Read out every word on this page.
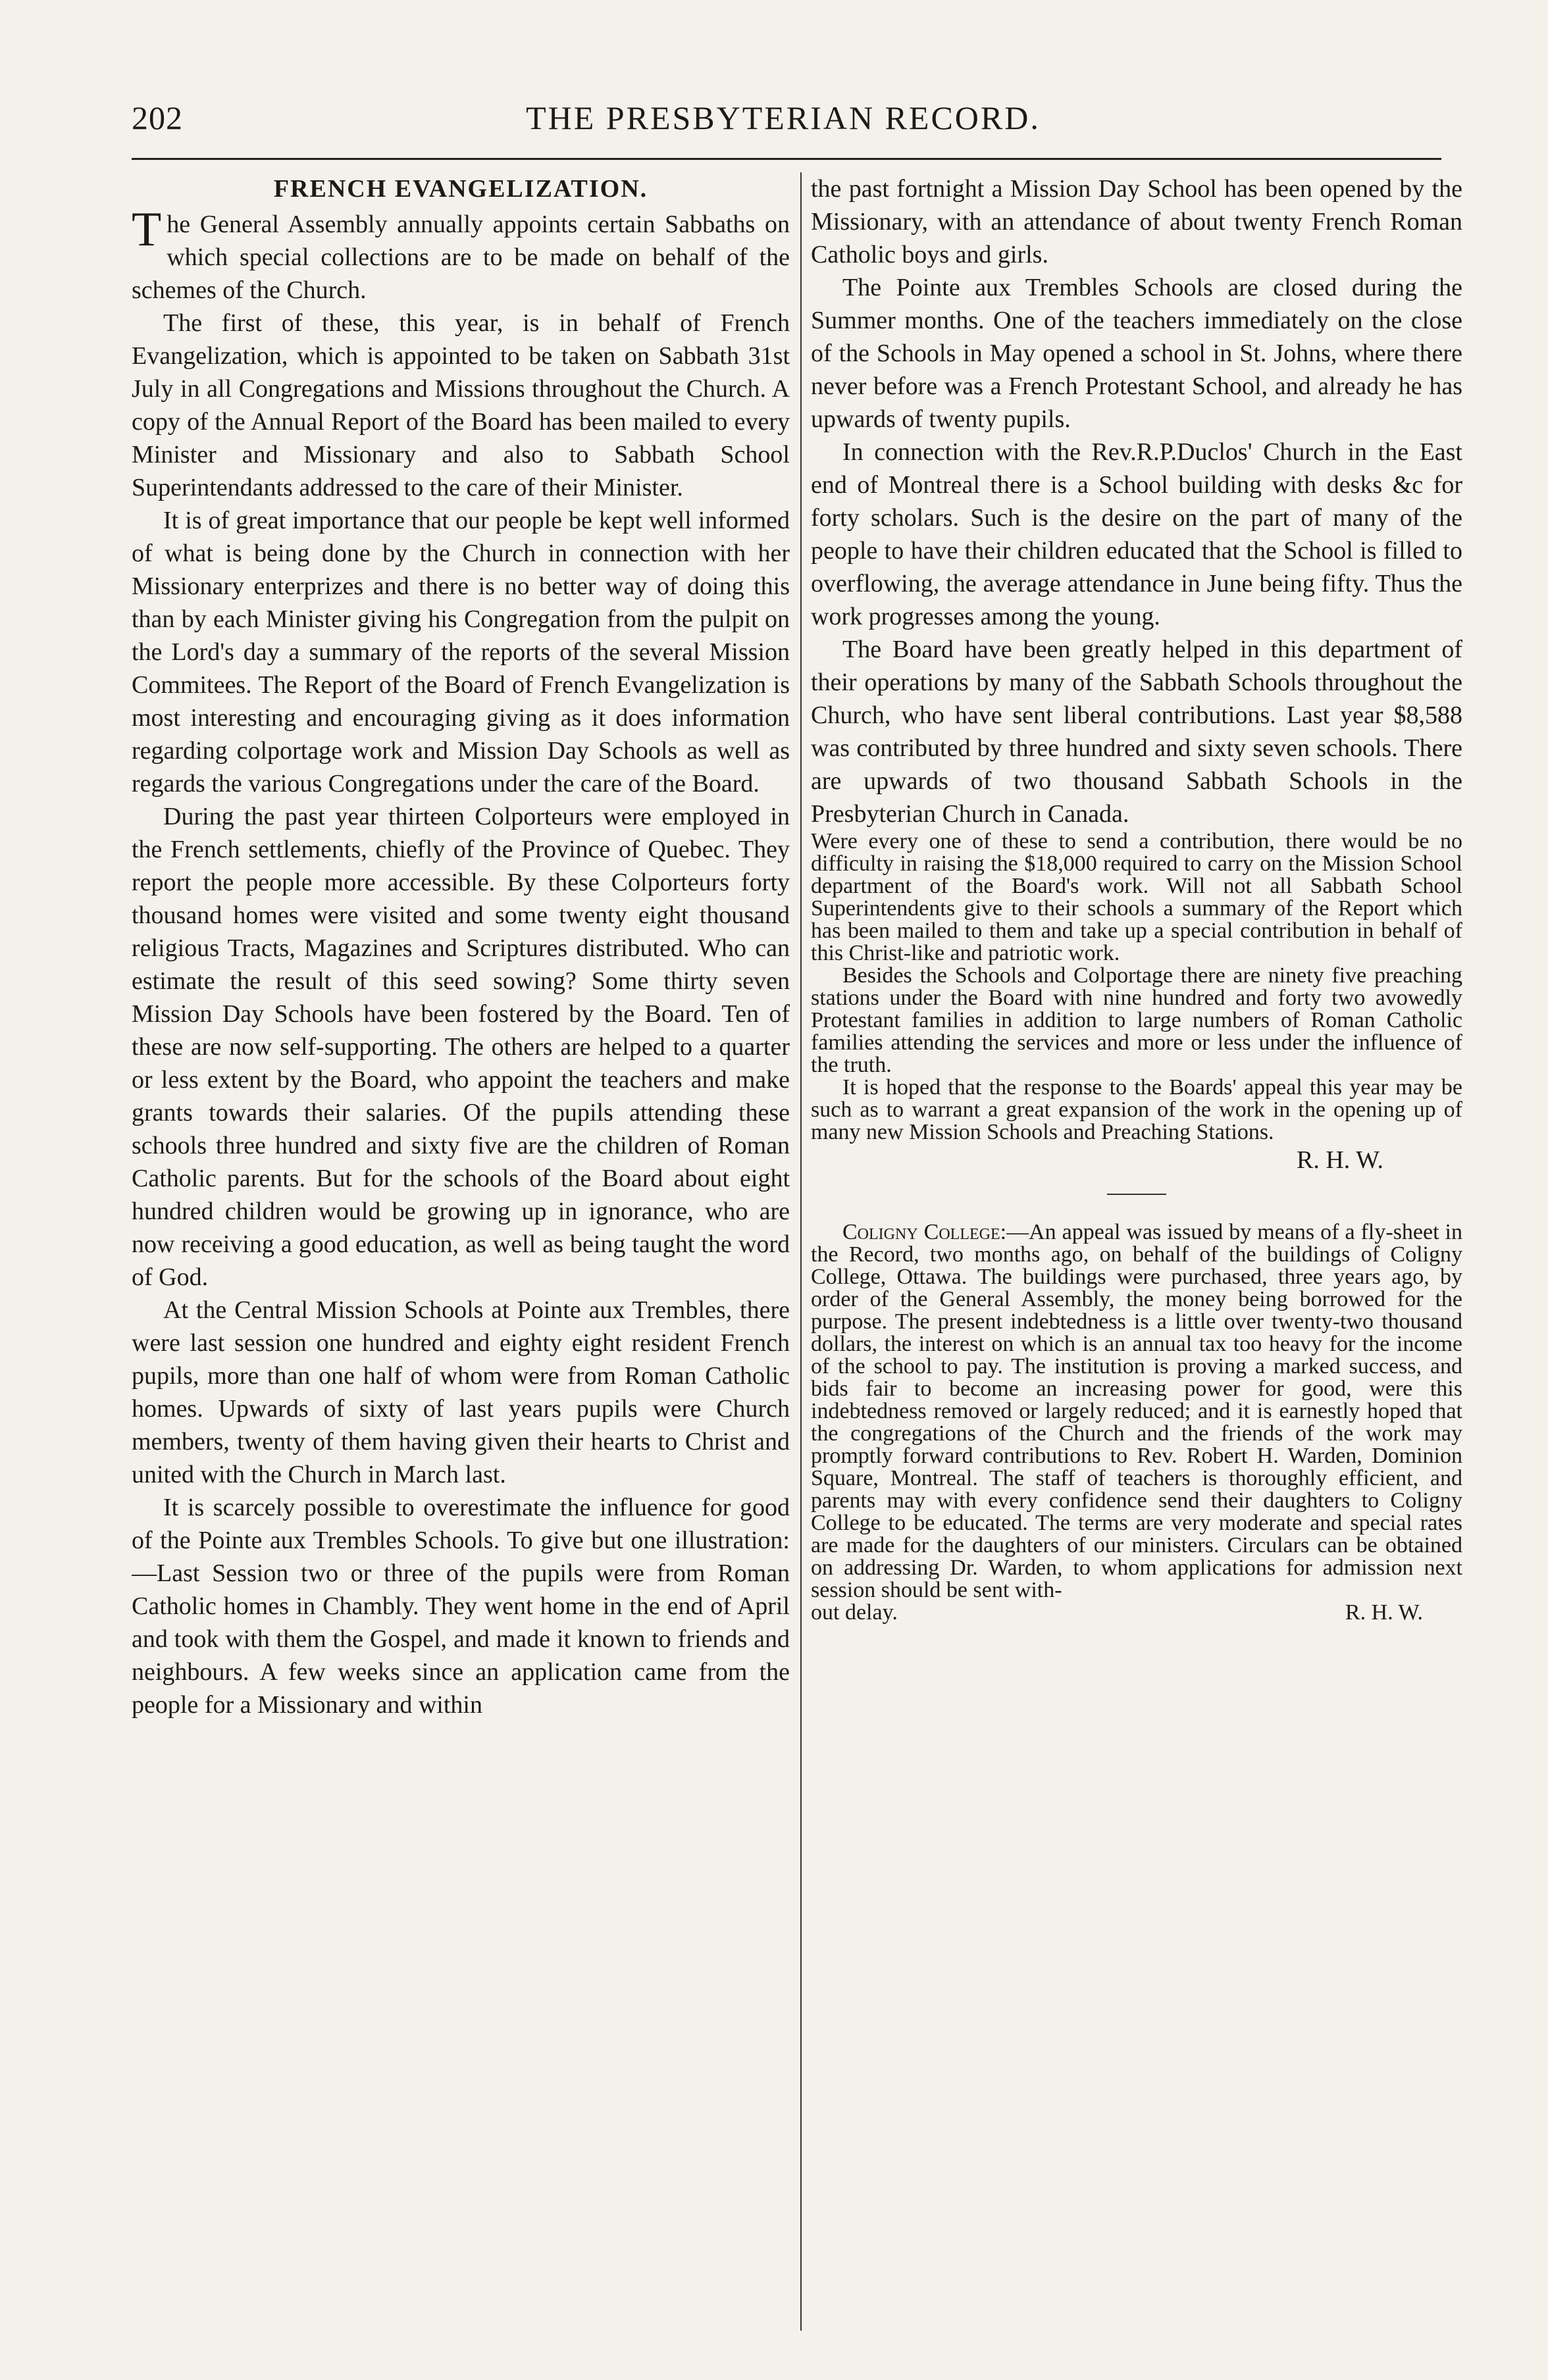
202	THE PRESBYTERIAN RECORD.
FRENCH EVANGELIZATION.

The General Assembly annually appoints certain Sabbaths on which special collections are to be made on behalf of the schemes of the Church.

The first of these, this year, is in behalf of French Evangelization, which is appointed to be taken on Sabbath 31st July in all Congregations and Missions throughout the Church. A copy of the Annual Report of the Board has been mailed to every Minister and Missionary and also to Sabbath School Superintendants addressed to the care of their Minister.

It is of great importance that our people be kept well informed of what is being done by the Church in connection with her Missionary enterprizes and there is no better way of doing this than by each Minister giving his Congregation from the pulpit on the Lord's day a summary of the reports of the several Mission Commitees. The Report of the Board of French Evangelization is most interesting and encouraging giving as it does information regarding colportage work and Mission Day Schools as well as regards the various Congregations under the care of the Board.

During the past year thirteen Colporteurs were employed in the French settlements, chiefly of the Province of Quebec. They report the people more accessible. By these Colporteurs forty thousand homes were visited and some twenty eight thousand religious Tracts, Magazines and Scriptures distributed. Who can estimate the result of this seed sowing? Some thirty seven Mission Day Schools have been fostered by the Board. Ten of these are now self-supporting. The others are helped to a quarter or less extent by the Board, who appoint the teachers and make grants towards their salaries. Of the pupils attending these schools three hundred and sixty five are the children of Roman Catholic parents. But for the schools of the Board about eight hundred children would be growing up in ignorance, who are now receiving a good education, as well as being taught the word of God.

At the Central Mission Schools at Pointe aux Trembles, there were last session one hundred and eighty eight resident French pupils, more than one half of whom were from Roman Catholic homes. Upwards of sixty of last years pupils were Church members, twenty of them having given their hearts to Christ and united with the Church in March last.

It is scarcely possible to overestimate the influence for good of the Pointe aux Trembles Schools. To give but one illustration:—Last Session two or three of the pupils were from Roman Catholic homes in Chambly. They went home in the end of April and took with them the Gospel, and made it known to friends and neighbours. A few weeks since an application came from the people for a Missionary and within

the past fortnight a Mission Day School has been opened by the Missionary, with an attendance of about twenty French Roman Catholic boys and girls.

The Pointe aux Trembles Schools are closed during the Summer months. One of the teachers immediately on the close of the Schools in May opened a school in St. Johns, where there never before was a French Protestant School, and already he has upwards of twenty pupils.

In connection with the Rev.R.P.Duclos' Church in the East end of Montreal there is a School building with desks &c for forty scholars. Such is the desire on the part of many of the people to have their children educated that the School is filled to overflowing, the average attendance in June being fifty. Thus the work progresses among the young.

The Board have been greatly helped in this department of their operations by many of the Sabbath Schools throughout the Church, who have sent liberal contributions. Last year $8,588 was contributed by three hundred and sixty seven schools. There are upwards of two thousand Sabbath Schools in the Presbyterian Church in Canada.

Were every one of these to send a contribution, there would be no difficulty in raising the $18,000 required to carry on the Mission School department of the Board's work. Will not all Sabbath School Superintendents give to their schools a summary of the Report which has been mailed to them and take up a special contribution in behalf of this Christ-like and patriotic work.

Besides the Schools and Colportage there are ninety five preaching stations under the Board with nine hundred and forty two avowedly Protestant families in addition to large numbers of Roman Catholic families attending the services and more or less under the influence of the truth.

It is hoped that the response to the Boards' appeal this year may be such as to warrant a great expansion of the work in the opening up of many new Mission Schools and Preaching Stations.

R. H. W.

Coligny College:—An appeal was issued by means of a fly-sheet in the Record, two months ago, on behalf of the buildings of Coligny College, Ottawa. The buildings were purchased, three years ago, by order of the General Assembly, the money being borrowed for the purpose. The present indebtedness is a little over twenty-two thousand dollars, the interest on which is an annual tax too heavy for the income of the school to pay. The institution is proving a marked success, and bids fair to become an increasing power for good, were this indebtedness removed or largely reduced; and it is earnestly hoped that the congregations of the Church and the friends of the work may promptly forward contributions to Rev. Robert H. Warden, Dominion Square, Montreal. The staff of teachers is thoroughly efficient, and parents may with every confidence send their daughters to Coligny College to be educated. The terms are very moderate and special rates are made for the daughters of our ministers. Circulars can be obtained on addressing Dr. Warden, to whom applications for admission next session should be sent with-

out delay.	R. H. W.
